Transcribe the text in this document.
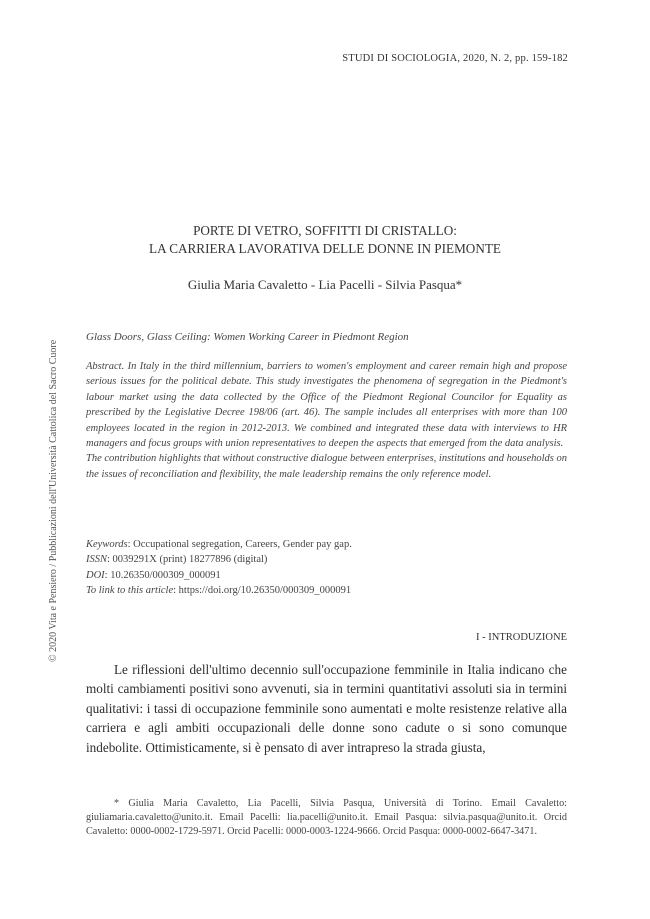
STUDI DI SOCIOLOGIA, 2020, N. 2, pp. 159-182
PORTE DI VETRO, SOFFITTI DI CRISTALLO:
LA CARRIERA LAVORATIVA DELLE DONNE IN PIEMONTE
Giulia Maria Cavaletto - Lia Pacelli - Silvia Pasqua*
Glass Doors, Glass Ceiling: Women Working Career in Piedmont Region

Abstract. In Italy in the third millennium, barriers to women's employment and career remain high and propose serious issues for the political debate. This study investigates the phenomena of segregation in the Piedmont's labour market using the data collected by the Office of the Piedmont Regional Councilor for Equality as prescribed by the Legislative Decree 198/06 (art. 46). The sample includes all enterprises with more than 100 employees located in the region in 2012-2013. We combined and integrated these data with interviews to HR managers and focus groups with union representatives to deepen the aspects that emerged from the data analysis.

The contribution highlights that without constructive dialogue between enterprises, institutions and households on the issues of reconciliation and flexibility, the male leadership remains the only reference model.

Keywords: Occupational segregation, Careers, Gender pay gap.
ISSN: 0039291X (print) 18277896 (digital)
DOI: 10.26350/000309_000091
To link to this article: https://doi.org/10.26350/000309_000091
I - INTRODUZIONE
Le riflessioni dell'ultimo decennio sull'occupazione femminile in Italia indicano che molti cambiamenti positivi sono avvenuti, sia in termini quantitativi assoluti sia in termini qualitativi: i tassi di occupazione femminile sono aumentati e molte resistenze relative alla carriera e agli ambiti occupazionali delle donne sono cadute o si sono comunque indebolite. Ottimisticamente, si è pensato di aver intrapreso la strada giusta,
* Giulia Maria Cavaletto, Lia Pacelli, Silvia Pasqua, Università di Torino. Email Cavaletto: giuliamaria.cavaletto@unito.it. Email Pacelli: lia.pacelli@unito.it. Email Pasqua: silvia.pasqua@unito.it. Orcid Cavaletto: 0000-0002-1729-5971. Orcid Pacelli: 0000-0003-1224-9666. Orcid Pasqua: 0000-0002-6647-3471.
© 2020 Vita e Pensiero / Pubblicazioni dell'Università Cattolica del Sacro Cuore
